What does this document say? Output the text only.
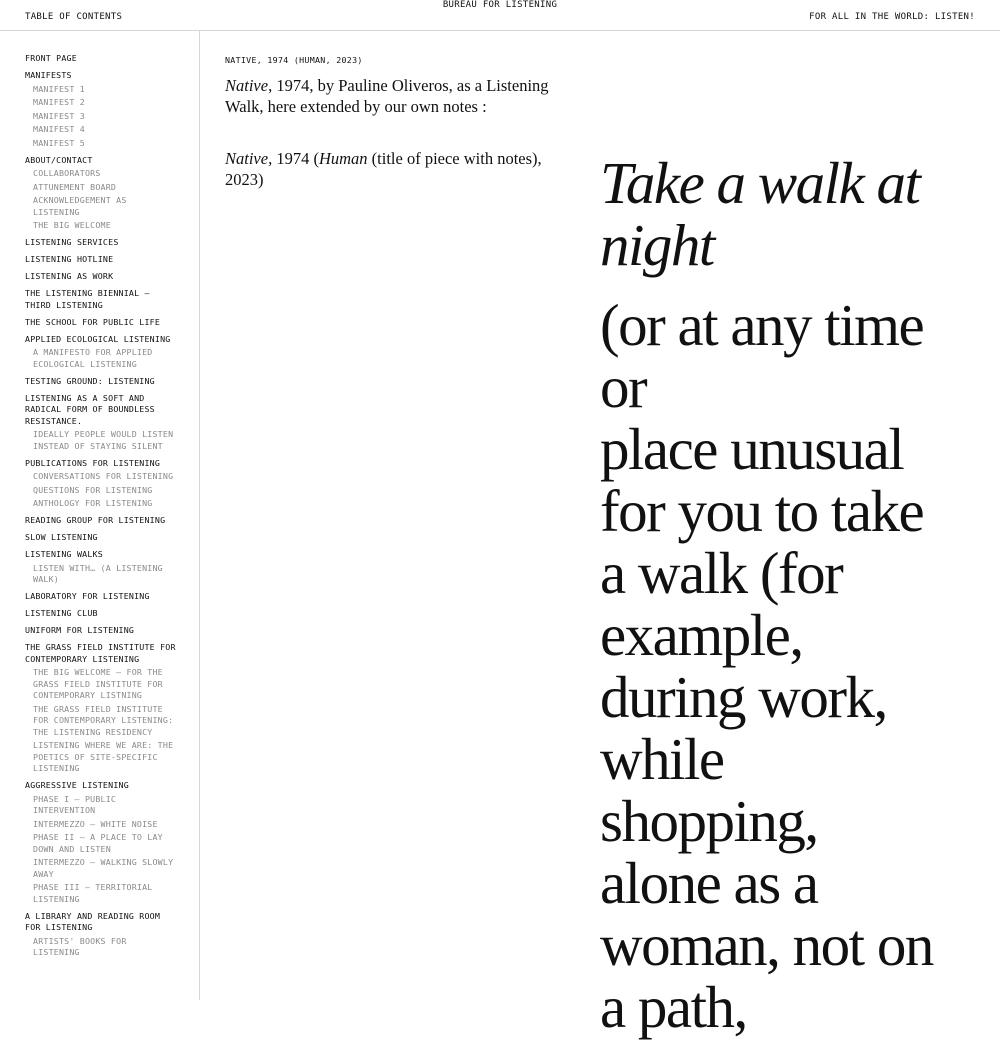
TABLE OF CONTENTS
BUREAU FOR LISTENING
FOR ALL IN THE WORLD: LISTEN!
FRONT PAGE
MANIFESTS
MANIFEST 1
MANIFEST 2
MANIFEST 3
MANIFEST 4
MANIFEST 5
ABOUT/CONTACT
COLLABORATORS
ATTUNEMENT BOARD
ACKNOWLEDGEMENT AS LISTENING
THE BIG WELCOME
LISTENING SERVICES
LISTENING HOTLINE
LISTENING AS WORK
THE LISTENING BIENNIAL – THIRD LISTENING
THE SCHOOL FOR PUBLIC LIFE
APPLIED ECOLOGICAL LISTENING
A MANIFESTO FOR APPLIED ECOLOGICAL LISTENING
TESTING GROUND: LISTENING
LISTENING AS A SOFT AND RADICAL FORM OF BOUNDLESS RESISTANCE.
IDEALLY PEOPLE WOULD LISTEN INSTEAD OF STAYING SILENT
PUBLICATIONS FOR LISTENING
CONVERSATIONS FOR LISTENING
QUESTIONS FOR LISTENING
ANTHOLOGY FOR LISTENING
READING GROUP FOR LISTENING
SLOW LISTENING
LISTENING WALKS
LISTEN WITH… (A LISTENING WALK)
LABORATORY FOR LISTENING
LISTENING CLUB
UNIFORM FOR LISTENING
THE GRASS FIELD INSTITUTE FOR CONTEMPORARY LISTENING
THE BIG WELCOME – FOR THE GRASS FIELD INSTITUTE FOR CONTEMPORARY LISTNING
THE GRASS FIELD INSTITUTE FOR CONTEMPORARY LISTENING: THE LISTENING RESIDENCY
LISTENING WHERE WE ARE: THE POETICS OF SITE-SPECIFIC LISTENING
AGGRESSIVE LISTENING
PHASE I – PUBLIC INTERVENTION
INTERMEZZO – WHITE NOISE
PHASE II – A PLACE TO LAY DOWN AND LISTEN
INTERMEZZO – WALKING SLOWLY AWAY
PHASE III – TERRITORIAL LISTENING
A LIBRARY AND READING ROOM FOR LISTENING
ARTISTS' BOOKS FOR LISTENING
NATIVE, 1974 (HUMAN, 2023)

Native, 1974, by Pauline Oliveros, as a Listening Walk, here extended by our own notes :

Native, 1974 (Human (title of piece with notes), 2023)	Take a walk at night

(or at any time
or
place unusual
for you to take
a walk (for
example,
during work,
while
shopping,
alone as a
woman, not on
a path,
